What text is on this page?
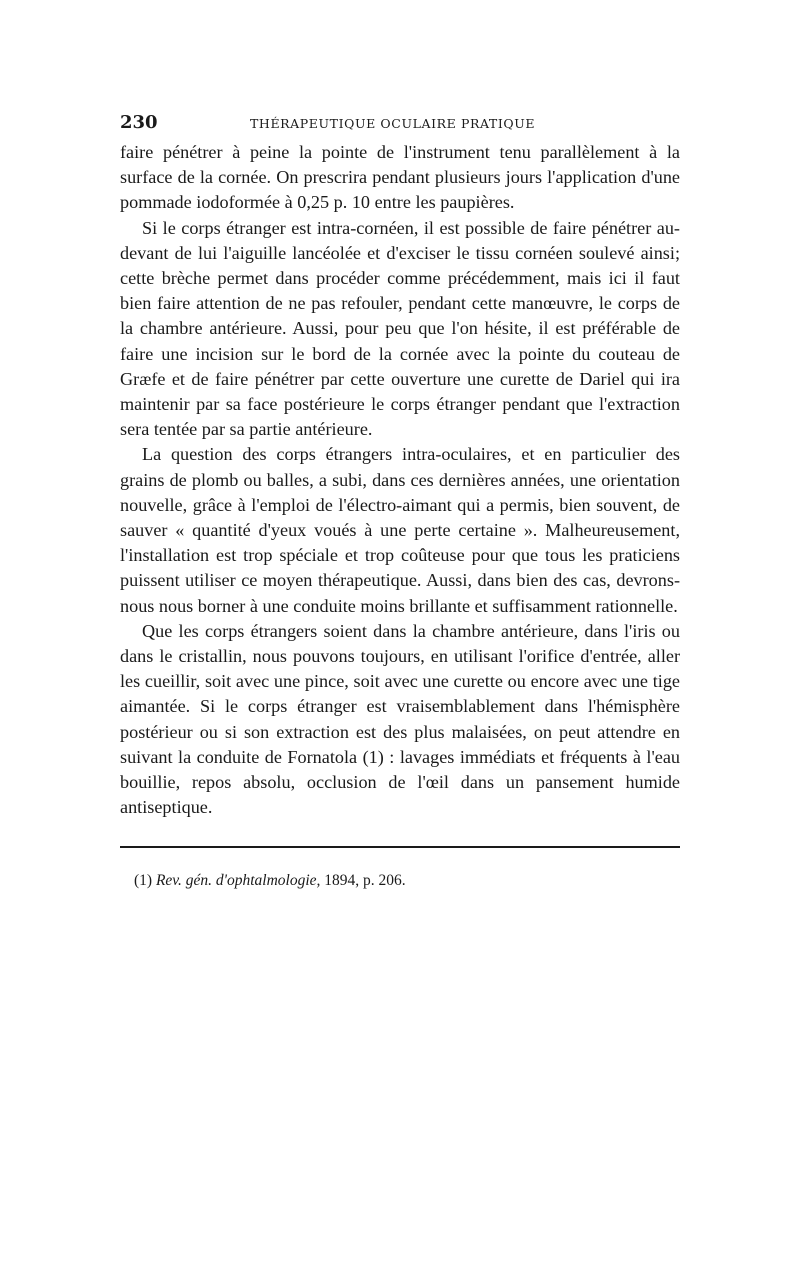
230	THÉRAPEUTIQUE OCULAIRE PRATIQUE

faire pénétrer à peine la pointe de l'instrument tenu parallèlement à la surface de la cornée. On prescrira pendant plusieurs jours l'application d'une pommade iodoformée à 0,25 p. 10 entre les paupières.

Si le corps étranger est intra-cornéen, il est possible de faire pénétrer au-devant de lui l'aiguille lancéolée et d'exciser le tissu cornéen soulevé ainsi; cette brèche permet dans procéder comme précédemment, mais ici il faut bien faire attention de ne pas refouler, pendant cette manœuvre, le corps de la chambre antérieure. Aussi, pour peu que l'on hésite, il est préférable de faire une incision sur le bord de la cornée avec la pointe du couteau de Græfe et de faire pénétrer par cette ouverture une curette de Dariel qui ira maintenir par sa face postérieure le corps étranger pendant que l'extraction sera tentée par sa partie antérieure.

La question des corps étrangers intra-oculaires, et en particulier des grains de plomb ou balles, a subi, dans ces dernières années, une orientation nouvelle, grâce à l'emploi de l'électro-aimant qui a permis, bien souvent, de sauver « quantité d'yeux voués à une perte certaine ». Malheureusement, l'installation est trop spéciale et trop coûteuse pour que tous les praticiens puissent utiliser ce moyen thérapeutique. Aussi, dans bien des cas, devrons-nous nous borner à une conduite moins brillante et suffisamment rationnelle.

Que les corps étrangers soient dans la chambre antérieure, dans l'iris ou dans le cristallin, nous pouvons toujours, en utilisant l'orifice d'entrée, aller les cueillir, soit avec une pince, soit avec une curette ou encore avec une tige aimantée. Si le corps étranger est vraisemblablement dans l'hémisphère postérieur ou si son extraction est des plus malaisées, on peut attendre en suivant la conduite de Fornatola (1) : lavages immédiats et fréquents à l'eau bouillie, repos absolu, occlusion de l'œil dans un pansement humide antiseptique.

(1) Rev. gén. d'ophtalmologie, 1894, p. 206.
